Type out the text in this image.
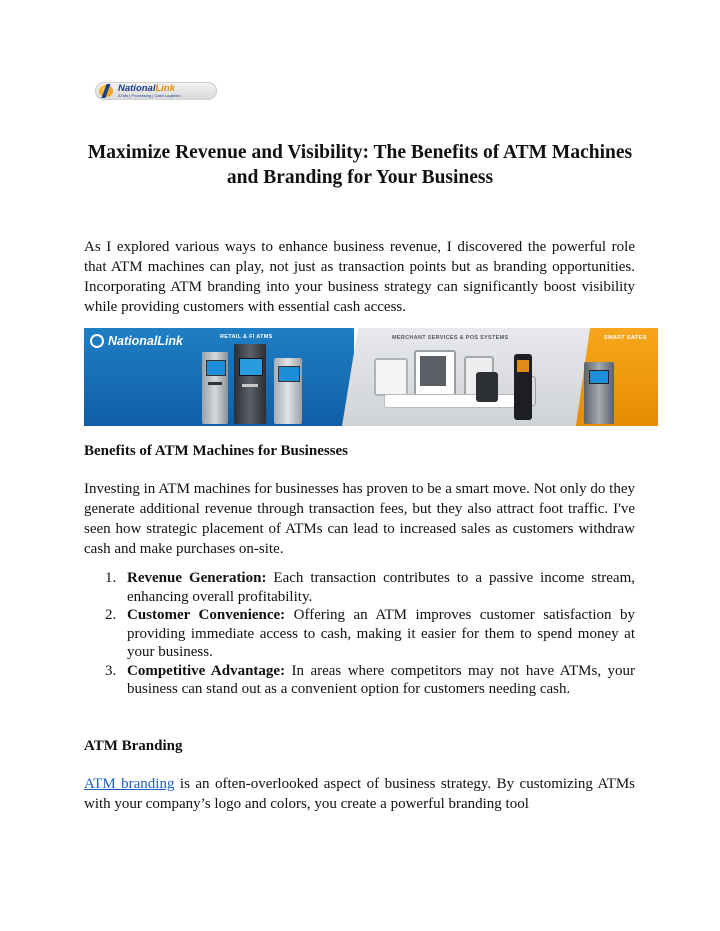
NationalLink
ATMs | Processing | Cash Logistics
Maximize Revenue and Visibility: The Benefits of ATM Machines and Branding for Your Business

As I explored various ways to enhance business revenue, I discovered the powerful role that ATM machines can play, not just as transaction points but as branding opportunities. Incorporating ATM branding into your business strategy can significantly boost visibility while providing customers with essential cash access.

NationalLink	RETAIL & FI ATMS	MERCHANT SERVICES & POS SYSTEMS	SMART SAFES

Benefits of ATM Machines for Businesses

Investing in ATM machines for businesses has proven to be a smart move. Not only do they generate additional revenue through transaction fees, but they also attract foot traffic. I've seen how strategic placement of ATMs can lead to increased sales as customers withdraw cash and make purchases on-site.

1. Revenue Generation: Each transaction contributes to a passive income stream, enhancing overall profitability.
2. Customer Convenience: Offering an ATM improves customer satisfaction by providing immediate access to cash, making it easier for them to spend money at your business.
3. Competitive Advantage: In areas where competitors may not have ATMs, your business can stand out as a convenient option for customers needing cash.

ATM Branding

ATM branding is an often-overlooked aspect of business strategy. By customizing ATMs with your company’s logo and colors, you create a powerful branding tool
